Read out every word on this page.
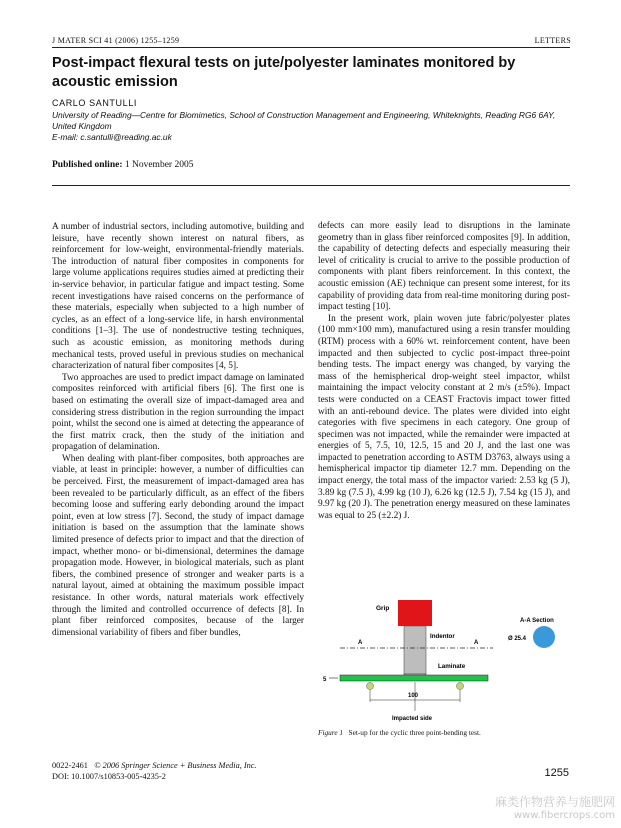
J MATER SCI 41 (2006) 1255–1259	LETTERS
Post-impact flexural tests on jute/polyester laminates monitored by acoustic emission
CARLO SANTULLI
University of Reading—Centre for Biomimetics, School of Construction Management and Engineering, Whiteknights, Reading RG6 6AY, United Kingdom
E-mail: c.santulli@reading.ac.uk
Published online: 1 November 2005

A number of industrial sectors, including automotive, building and leisure, have recently shown interest on natural fibers, as reinforcement for low-weight, environmental-friendly materials. The introduction of natural fiber composites in components for large volume applications requires studies aimed at predicting their in-service behavior, in particular fatigue and impact testing. Some recent investigations have raised concerns on the performance of these materials, especially when subjected to a high number of cycles, as an effect of a long-service life, in harsh environmental conditions [1–3]. The use of nondestructive testing techniques, such as acoustic emission, as monitoring methods during mechanical tests, proved useful in previous studies on mechanical characterization of natural fiber composites [4, 5].

Two approaches are used to predict impact damage on laminated composites reinforced with artificial fibers [6]. The first one is based on estimating the overall size of impact-damaged area and considering stress distribution in the region surrounding the impact point, whilst the second one is aimed at detecting the appearance of the first matrix crack, then the study of the initiation and propagation of delamination.

When dealing with plant-fiber composites, both approaches are viable, at least in principle: however, a number of difficulties can be perceived. First, the measurement of impact-damaged area has been revealed to be particularly difficult, as an effect of the fibers becoming loose and suffering early debonding around the impact point, even at low stress [7]. Second, the study of impact damage initiation is based on the assumption that the laminate shows limited presence of defects prior to impact and that the direction of impact, whether mono- or bi-dimensional, determines the damage propagation mode. However, in biological materials, such as plant fibers, the combined presence of stronger and weaker parts is a natural layout, aimed at obtaining the maximum possible impact resistance. In other words, natural materials work effectively through the limited and controlled occurrence of defects [8]. In plant fiber reinforced composites, because of the larger dimensional variability of fibers and fiber bundles,

defects can more easily lead to disruptions in the laminate geometry than in glass fiber reinforced composites [9]. In addition, the capability of detecting defects and especially measuring their level of criticality is crucial to arrive to the possible production of components with plant fibers reinforcement. In this context, the acoustic emission (AE) technique can present some interest, for its capability of providing data from real-time monitoring during post-impact testing [10].

In the present work, plain woven jute fabric/polyester plates (100 mm×100 mm), manufactured using a resin transfer moulding (RTM) process with a 60% wt. reinforcement content, have been impacted and then subjected to cyclic post-impact three-point bending tests. The impact energy was changed, by varying the mass of the hemispherical drop-weight steel impactor, whilst maintaining the impact velocity constant at 2 m/s (±5%). Impact tests were conducted on a CEAST Fractovis impact tower fitted with an anti-rebound device. The plates were divided into eight categories with five specimens in each category. One group of specimen was not impacted, while the remainder were impacted at energies of 5, 7.5, 10, 12.5, 15 and 20 J, and the last one was impacted to penetration according to ASTM D3763, always using a hemispherical impactor tip diameter 12.7 mm. Depending on the impact energy, the total mass of the impactor varied: 2.53 kg (5 J), 3.89 kg (7.5 J), 4.99 kg (10 J), 6.26 kg (12.5 J), 7.54 kg (15 J), and 9.97 kg (20 J). The penetration energy measured on these laminates was equal to 25 (±2.2) J.

Grip
Indentor
A	A
A-A Section
Ø 25.4
Laminate
5
100
Impacted side
Figure 1 Set-up for the cyclic three point-bending test.
0022-2461 © 2006 Springer Science + Business Media, Inc.
DOI: 10.1007/s10853-005-4235-2	1255
麻类作物营养与施肥网
www.fibercrops.com
